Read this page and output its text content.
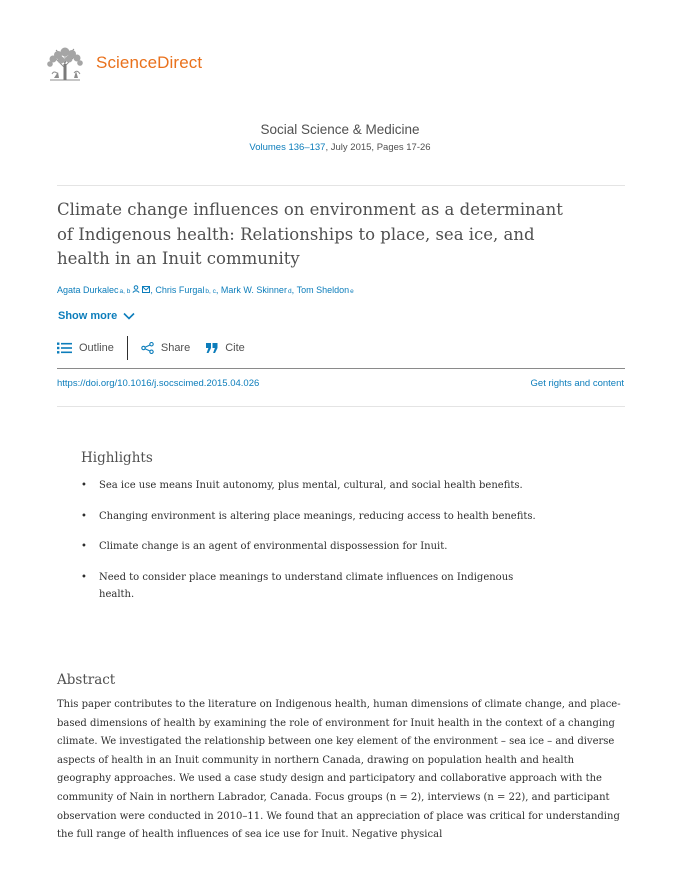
ScienceDirect
Social Science & Medicine
Volumes 136–137, July 2015, Pages 17-26
Climate change influences on environment as a determinant of Indigenous health: Relationships to place, sea ice, and health in an Inuit community
Agata Durkalec a, b , Chris Furgal b, c , Mark W. Skinner d , Tom Sheldon e
Show more
Outline	Share	Cite
https://doi.org/10.1016/j.socscimed.2015.04.026	Get rights and content
Highlights
• Sea ice use means Inuit autonomy, plus mental, cultural, and social health benefits.
• Changing environment is altering place meanings, reducing access to health benefits.
• Climate change is an agent of environmental dispossession for Inuit.
• Need to consider place meanings to understand climate influences on Indigenous health.
Abstract

This paper contributes to the literature on Indigenous health, human dimensions of climate change, and place-based dimensions of health by examining the role of environment for Inuit health in the context of a changing climate. We investigated the relationship between one key element of the environment – sea ice – and diverse aspects of health in an Inuit community in northern Canada, drawing on population health and health geography approaches. We used a case study design and participatory and collaborative approach with the community of Nain in northern Labrador, Canada. Focus groups (n = 2), interviews (n = 22), and participant observation were conducted in 2010–11. We found that an appreciation of place was critical for understanding the full range of health influences of sea ice use for Inuit. Negative physical
